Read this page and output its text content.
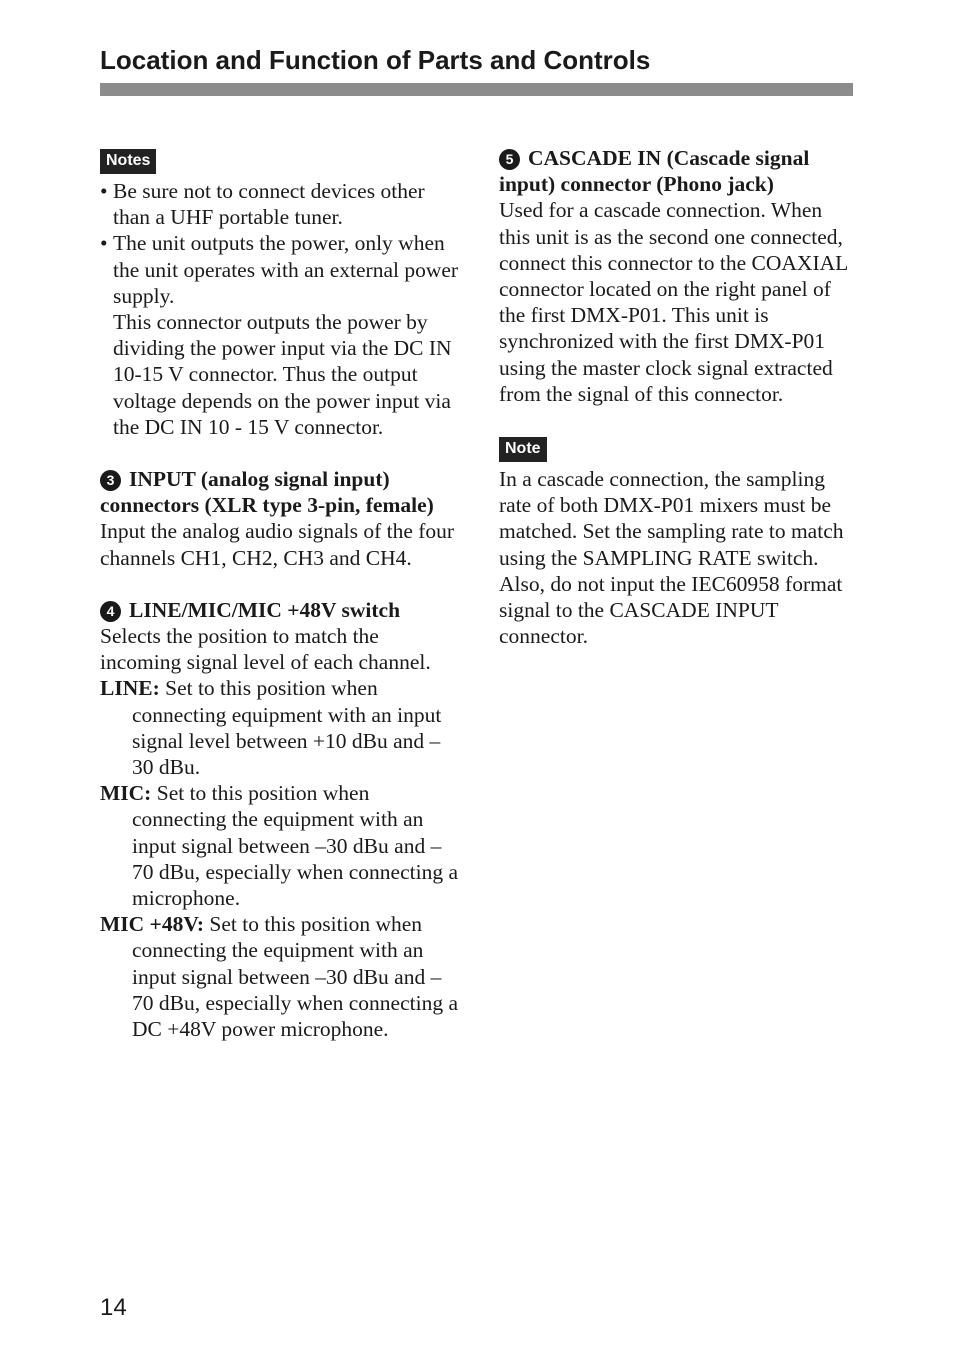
Location and Function of Parts and Controls
Notes
• Be sure not to connect devices other than a UHF portable tuner.
• The unit outputs the power, only when the unit operates with an external power supply.

This connector outputs the power by dividing the power input via the DC IN 10-15 V connector. Thus the output voltage depends on the power input via the DC IN 10 - 15 V connector.

3 INPUT (analog signal input) connectors (XLR type 3-pin, female)

Input the analog audio signals of the four channels CH1, CH2, CH3 and CH4.

4 LINE/MIC/MIC +48V switch

Selects the position to match the incoming signal level of each channel.

LINE: Set to this position when connecting equipment with an input signal level between +10 dBu and –30 dBu.

MIC: Set to this position when connecting the equipment with an input signal between –30 dBu and –70 dBu, especially when connecting a microphone.

MIC +48V: Set to this position when connecting the equipment with an input signal between –30 dBu and –70 dBu, especially when connecting a DC +48V power microphone.

5 CASCADE IN (Cascade signal input) connector (Phono jack)

Used for a cascade connection. When this unit is as the second one connected, connect this connector to the COAXIAL connector located on the right panel of the first DMX-P01. This unit is synchronized with the first DMX-P01 using the master clock signal extracted from the signal of this connector.

Note

In a cascade connection, the sampling rate of both DMX-P01 mixers must be matched. Set the sampling rate to match using the SAMPLING RATE switch.

Also, do not input the IEC60958 format signal to the CASCADE INPUT connector.

14
